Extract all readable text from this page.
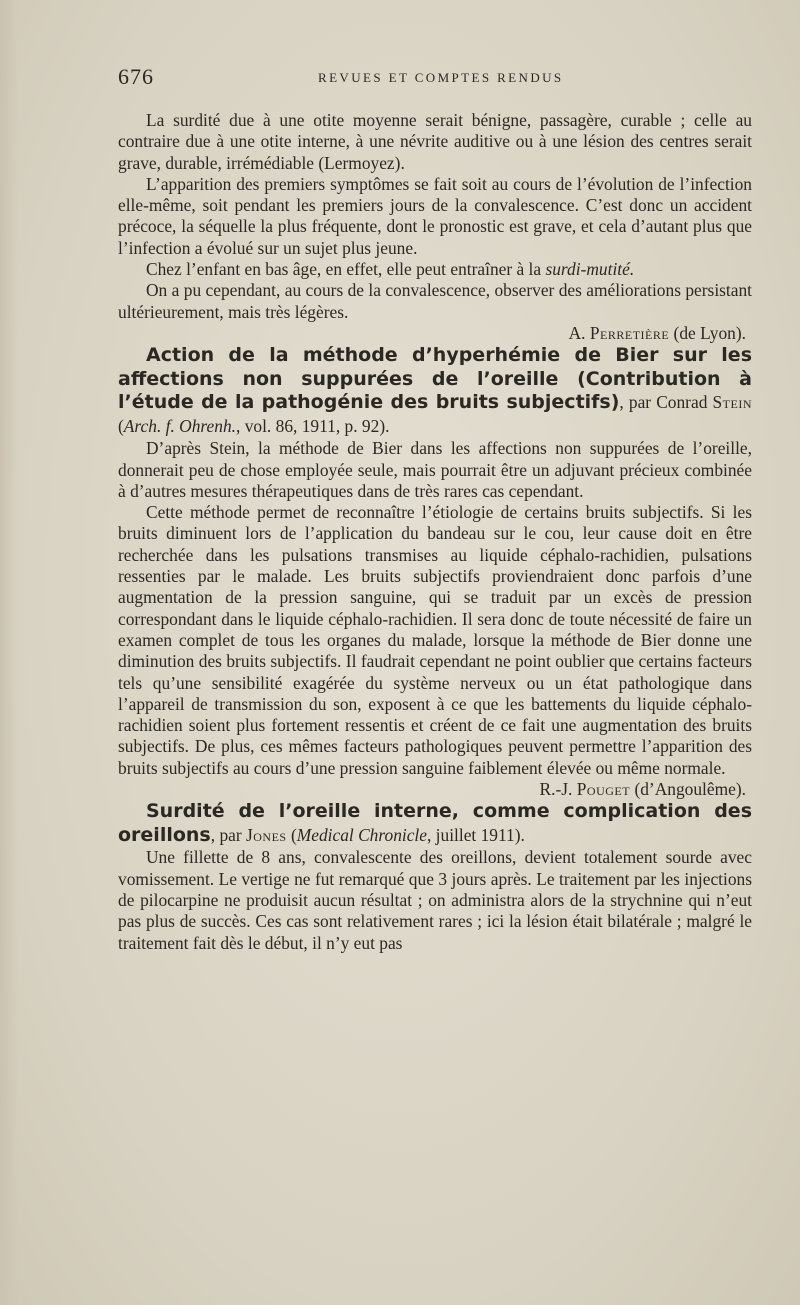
676	REVUES ET COMPTES RENDUS

La surdité due à une otite moyenne serait bénigne, passagère, curable ; celle au contraire due à une otite interne, à une névrite auditive ou à une lésion des centres serait grave, durable, irrémédiable (Lermoyez).

L’apparition des premiers symptômes se fait soit au cours de l’évolution de l’infection elle-même, soit pendant les premiers jours de la convalescence. C’est donc un accident précoce, la séquelle la plus fréquente, dont le pronostic est grave, et cela d’autant plus que l’infection a évolué sur un sujet plus jeune.

Chez l’enfant en bas âge, en effet, elle peut entraîner à la surdi-mutité.

On a pu cependant, au cours de la convalescence, observer des améliorations persistant ultérieurement, mais très légères.

A. Perretière (de Lyon).

Action de la méthode d’hyperhémie de Bier sur les affections non suppurées de l’oreille (Contribution à l’étude de la pathogénie des bruits subjectifs), par Conrad Stein (Arch. f. Ohrenh., vol. 86, 1911, p. 92).

D’après Stein, la méthode de Bier dans les affections non suppurées de l’oreille, donnerait peu de chose employée seule, mais pourrait être un adjuvant précieux combinée à d’autres mesures thérapeutiques dans de très rares cas cependant.

Cette méthode permet de reconnaître l’étiologie de certains bruits subjectifs. Si les bruits diminuent lors de l’application du bandeau sur le cou, leur cause doit en être recherchée dans les pulsations transmises au liquide céphalo-rachidien, pulsations ressenties par le malade. Les bruits subjectifs proviendraient donc parfois d’une augmentation de la pression sanguine, qui se traduit par un excès de pression correspondant dans le liquide céphalo-rachidien. Il sera donc de toute nécessité de faire un examen complet de tous les organes du malade, lorsque la méthode de Bier donne une diminution des bruits subjectifs. Il faudrait cependant ne point oublier que certains facteurs tels qu’une sensibilité exagérée du système nerveux ou un état pathologique dans l’appareil de transmission du son, exposent à ce que les battements du liquide céphalo-rachidien soient plus fortement ressentis et créent de ce fait une augmentation des bruits subjectifs. De plus, ces mêmes facteurs pathologiques peuvent permettre l’apparition des bruits subjectifs au cours d’une pression sanguine faiblement élevée ou même normale.

R.-J. Pouget (d’Angoulême).

Surdité de l’oreille interne, comme complication des oreillons, par Jones (Medical Chronicle, juillet 1911).

Une fillette de 8 ans, convalescente des oreillons, devient totalement sourde avec vomissement. Le vertige ne fut remarqué que 3 jours après. Le traitement par les injections de pilocarpine ne produisit aucun résultat ; on administra alors de la strychnine qui n’eut pas plus de succès. Ces cas sont relativement rares ; ici la lésion était bilatérale ; malgré le traitement fait dès le début, il n’y eut pas
